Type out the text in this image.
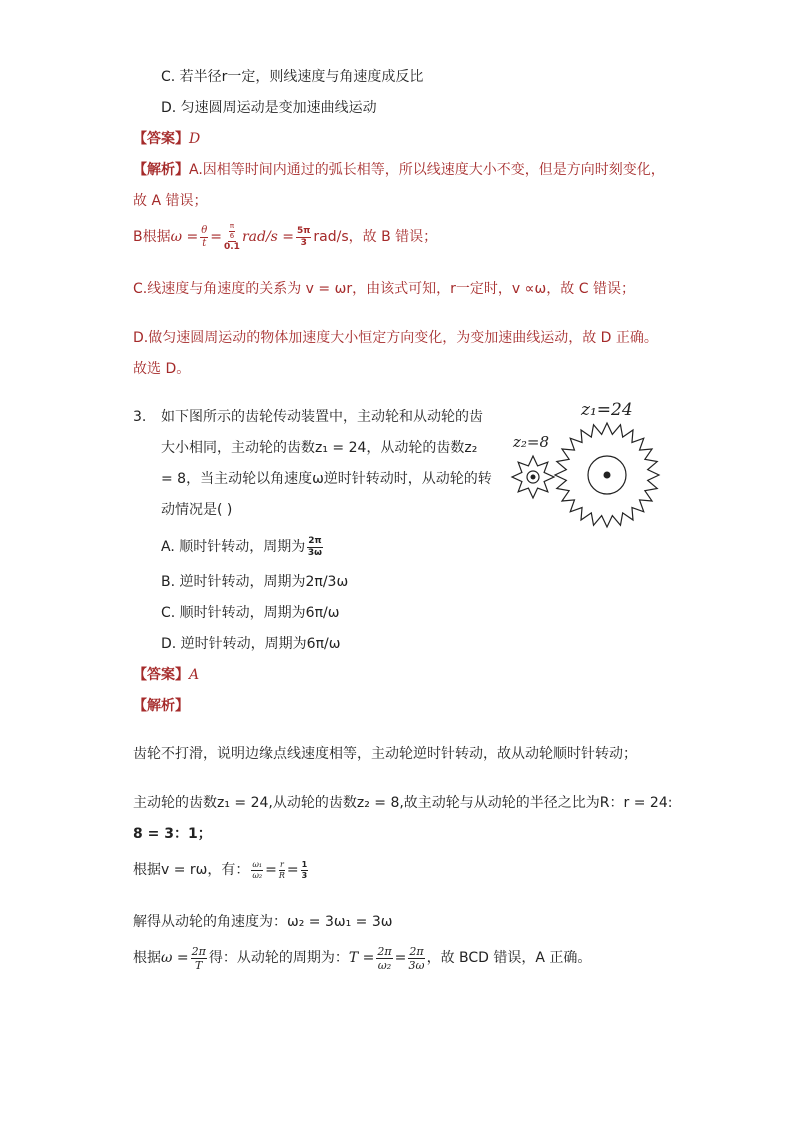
C. 若半径r一定，则线速度与角速度成反比
D. 匀速圆周运动是变加速曲线运动
【答案】D
【解析】A.因相等时间内通过的弧长相等，所以线速度大小不变，但是方向时刻变化，
故 A 错误；
B根据$\omega = \frac{\theta}{t} = \frac{\frac{\pi}{6}}{0.1} rad/s = \frac{5\pi}{3} rad/s$，故 B 错误；
C.线速度与角速度的关系为 v = ωr，由该式可知，r一定时，v ∝ω，故 C 错误；
D.做匀速圆周运动的物体加速度大小恒定方向变化，为变加速曲线运动，故 D 正确。
故选 D。
3. 如下图所示的齿轮传动装置中，主动轮和从动轮的齿
大小相同，主动轮的齿数z₁ = 24，从动轮的齿数z₂
= 8，当主动轮以角速度ω逆时针转动时，从动轮的转
动情况是( )
A. 顺时针转动，周期为 $\frac{2\pi}{3\omega}$
B. 逆时针转动，周期为2π/3ω
C. 顺时针转动，周期为6π/ω
D. 逆时针转动，周期为6π/ω
z₁=24
z₂=8
【答案】A
【解析】
齿轮不打滑，说明边缘点线速度相等，主动轮逆时针转动，故从动轮顺时针转动；
主动轮的齿数z₁ = 24,从动轮的齿数z₂ = 8,故主动轮与从动轮的半径之比为R：r = 24:
8 = 3：1；
根据v = rω，有： $\frac{\text{ω₁}}{\text{ω₂}} = \frac{r}{R} = \frac{1}{3}$
解得从动轮的角速度为：ω₂ = 3ω₁ = 3ω
根据$\omega = \frac{2\pi}{T}$ 得：从动轮的周期为：$T = \frac{2\pi}{\text{ω₂}} = \frac{2\pi}{3\omega}$ ，故 BCD 错误，A 正确。
